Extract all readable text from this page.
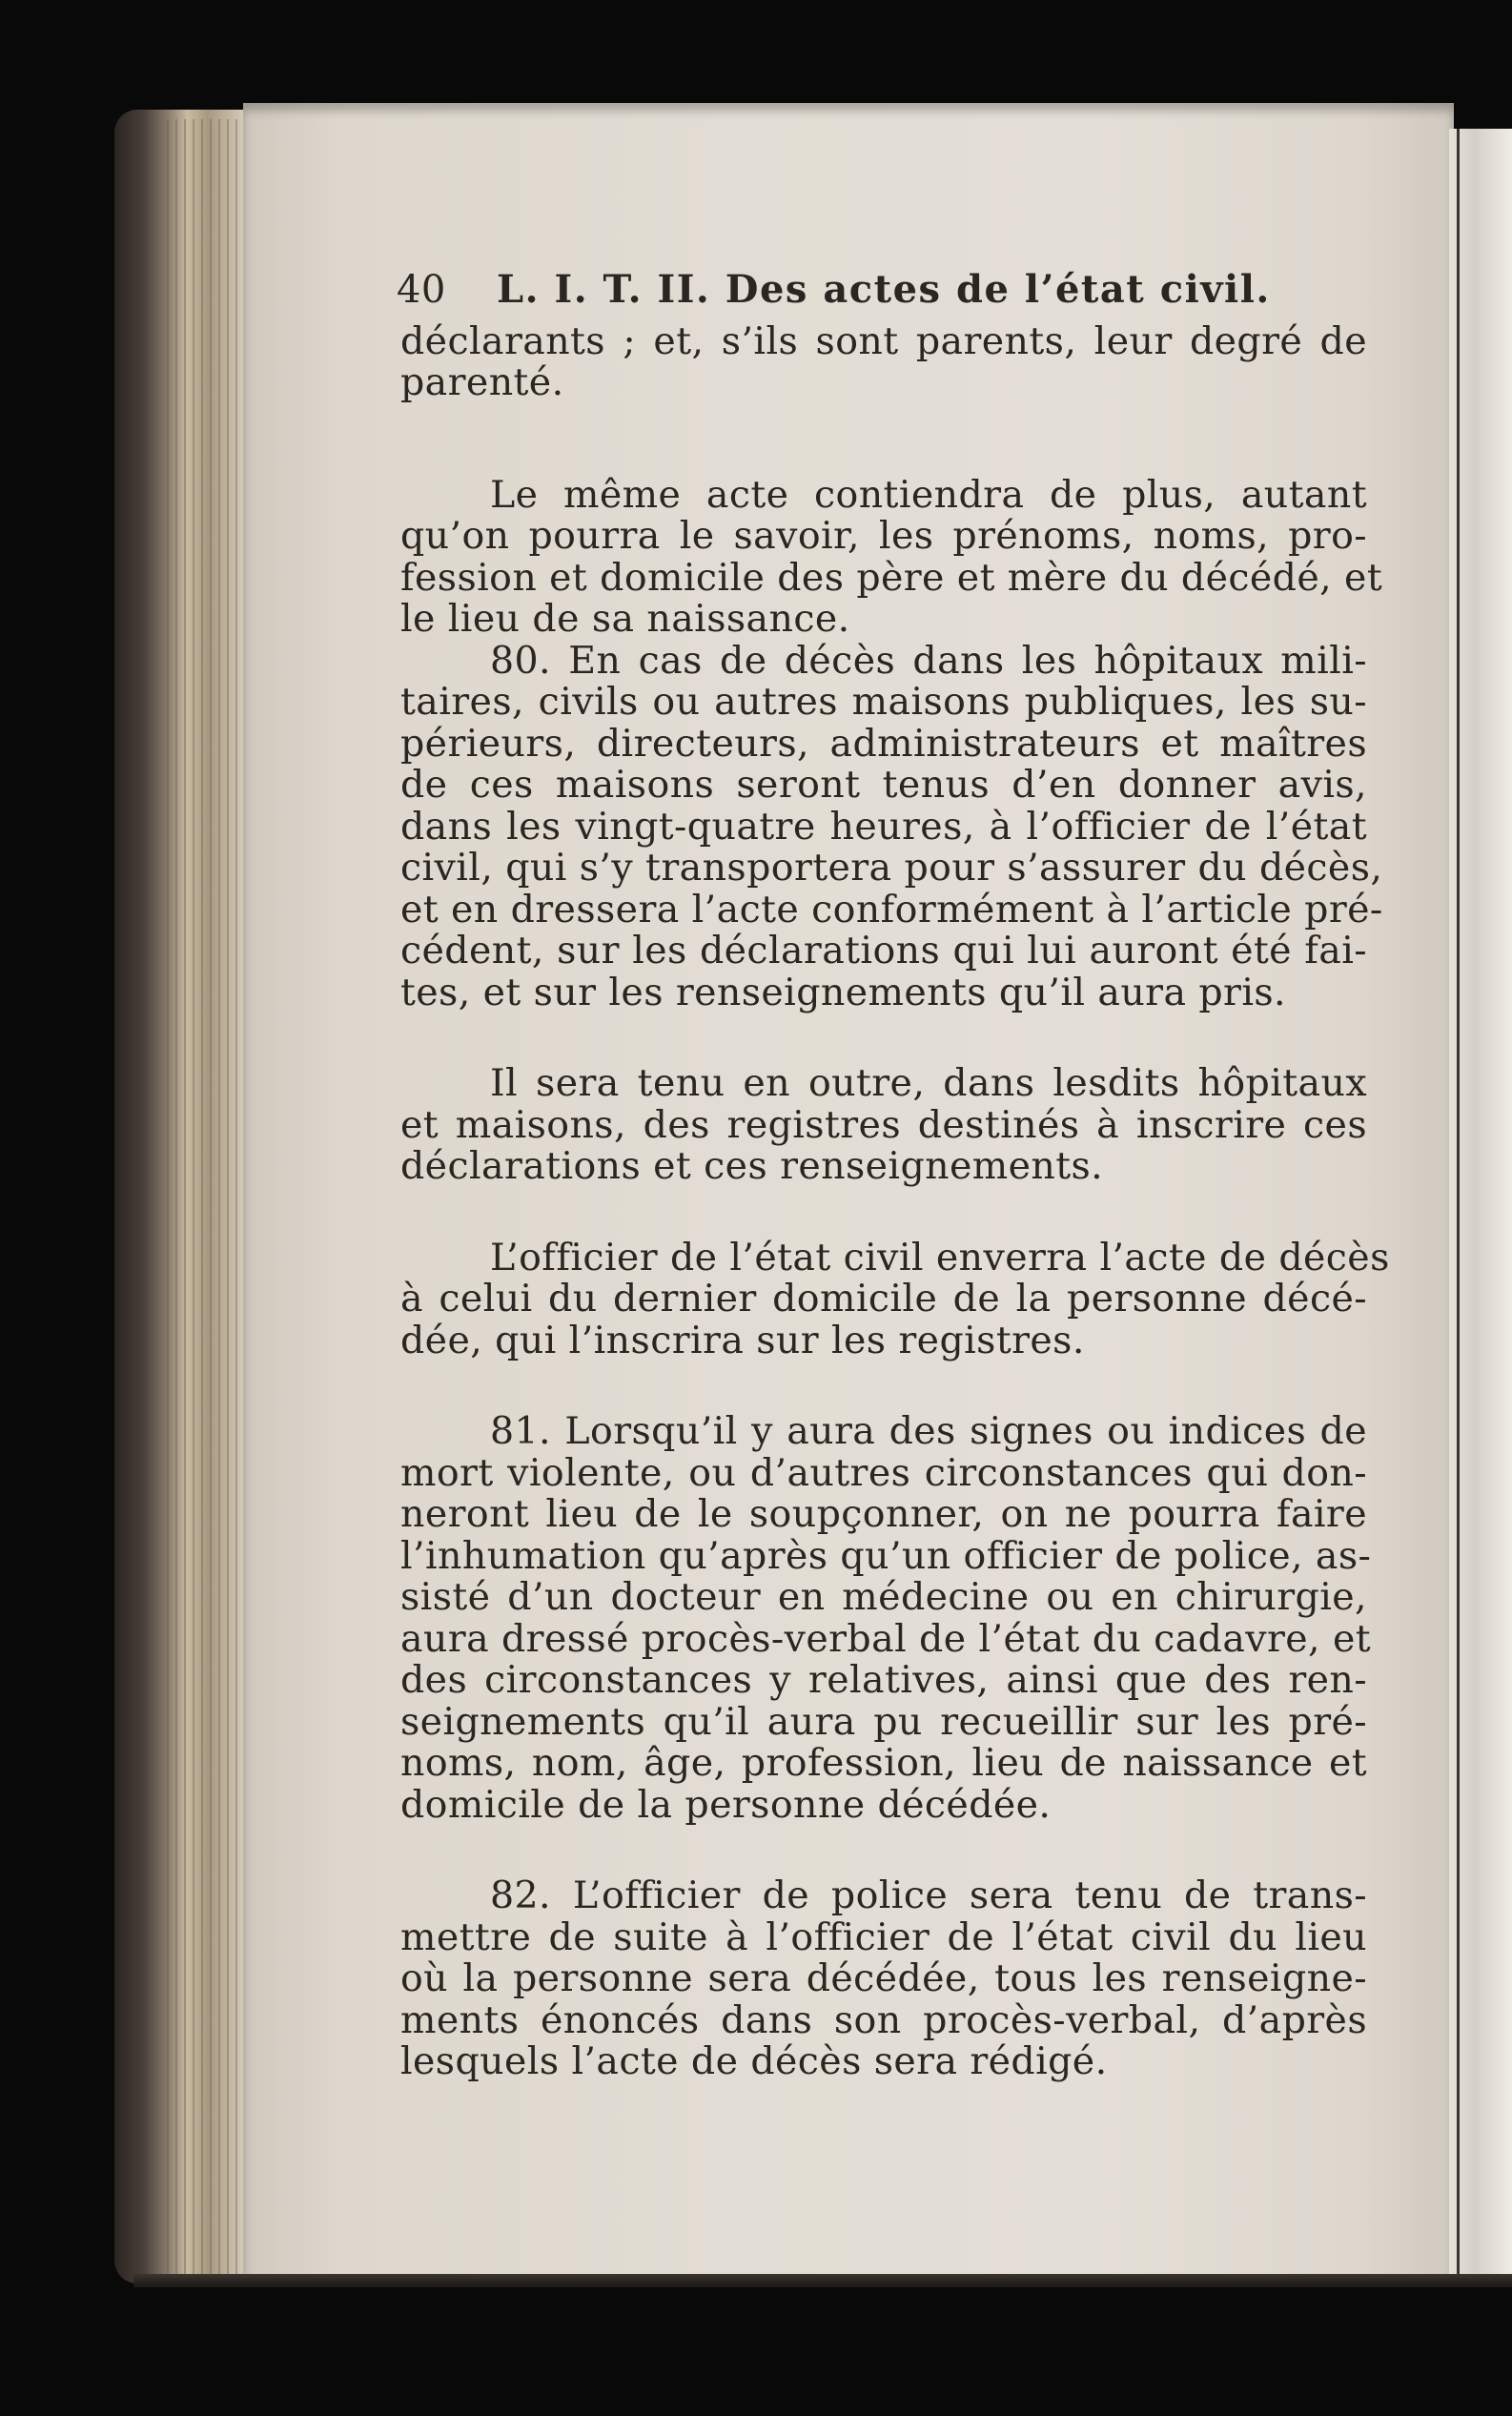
40	L. I. T. II. Des actes de l’état civil.
déclarants ; et, s’ils sont parents, leur degré de
parenté.
Le même acte contiendra de plus, autant
qu’on pourra le savoir, les prénoms, noms, pro-
fession et domicile des père et mère du décédé, et
le lieu de sa naissance.
80. En cas de décès dans les hôpitaux mili-
taires, civils ou autres maisons publiques, les su-
périeurs, directeurs, administrateurs et maîtres
de ces maisons seront tenus d’en donner avis,
dans les vingt-quatre heures, à l’officier de l’état
civil, qui s’y transportera pour s’assurer du décès,
et en dressera l’acte conformément à l’article pré-
cédent, sur les déclarations qui lui auront été fai-
tes, et sur les renseignements qu’il aura pris.
Il sera tenu en outre, dans lesdits hôpitaux
et maisons, des registres destinés à inscrire ces
déclarations et ces renseignements.
L’officier de l’état civil enverra l’acte de décès
à celui du dernier domicile de la personne décé-
dée, qui l’inscrira sur les registres.
81. Lorsqu’il y aura des signes ou indices de
mort violente, ou d’autres circonstances qui don-
neront lieu de le soupçonner, on ne pourra faire
l’inhumation qu’après qu’un officier de police, as-
sisté d’un docteur en médecine ou en chirurgie,
aura dressé procès-verbal de l’état du cadavre, et
des circonstances y relatives, ainsi que des ren-
seignements qu’il aura pu recueillir sur les pré-
noms, nom, âge, profession, lieu de naissance et
domicile de la personne décédée.
82. L’officier de police sera tenu de trans-
mettre de suite à l’officier de l’état civil du lieu
où la personne sera décédée, tous les renseigne-
ments énoncés dans son procès-verbal, d’après
lesquels l’acte de décès sera rédigé.
